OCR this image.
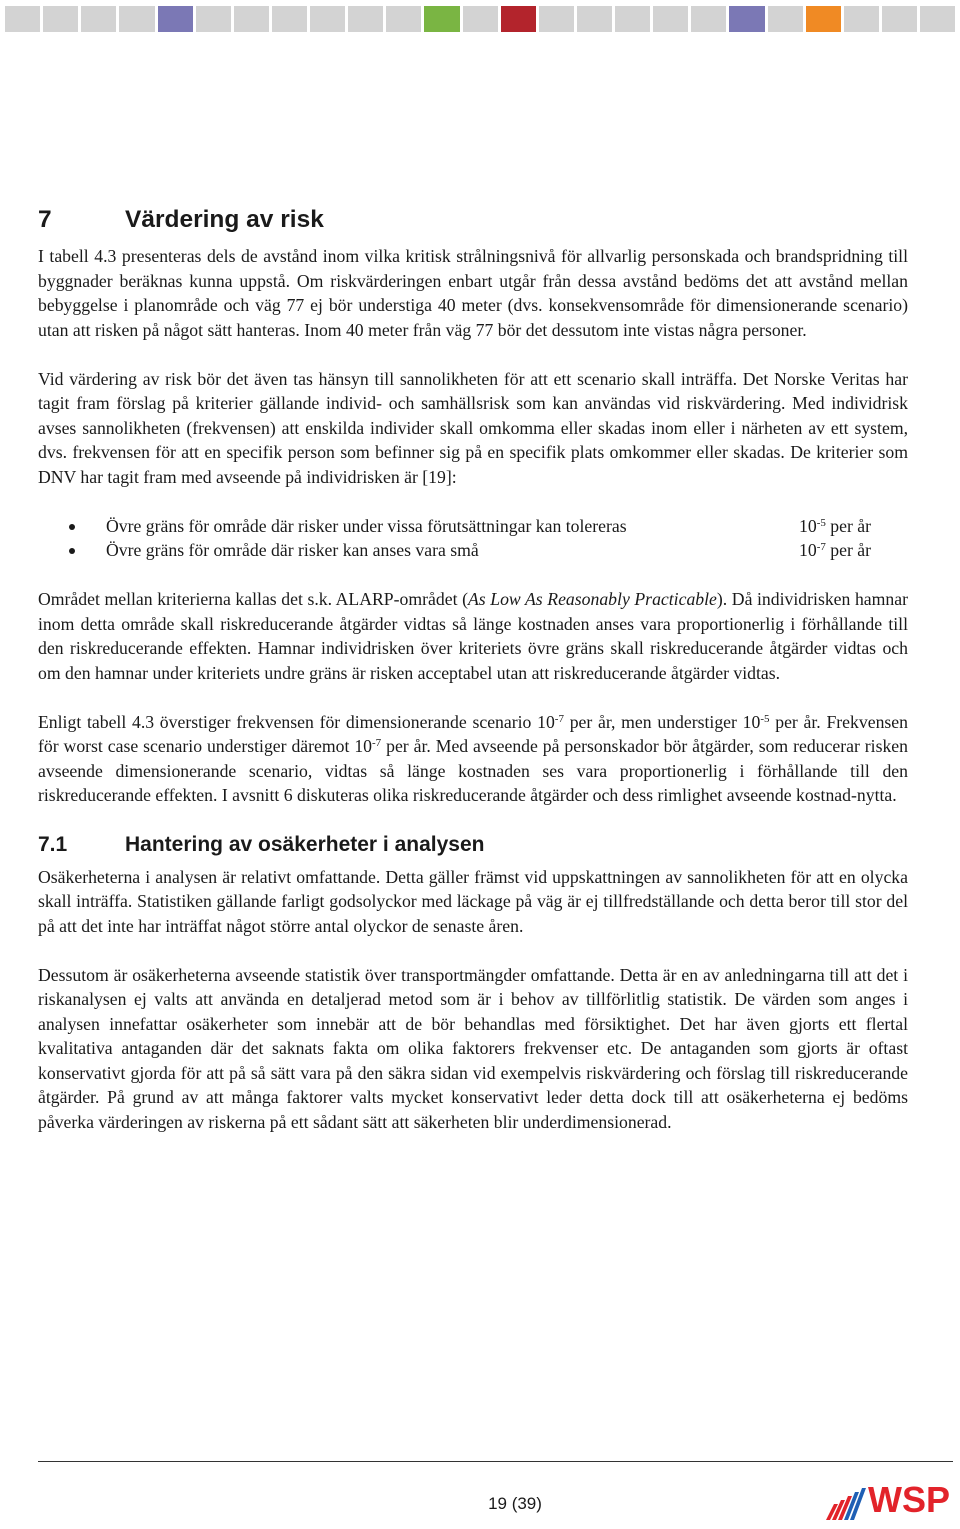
7	Värdering av risk

I tabell 4.3 presenteras dels de avstånd inom vilka kritisk strålningsnivå för allvarlig personskada och brandspridning till byggnader beräknas kunna uppstå. Om riskvärderingen enbart utgår från dessa avstånd bedöms det att avstånd mellan bebyggelse i planområde och väg 77 ej bör understiga 40 meter (dvs. konsekvensområde för dimensionerande scenario) utan att risken på något sätt hanteras. Inom 40 meter från väg 77 bör det dessutom inte vistas några personer.

Vid värdering av risk bör det även tas hänsyn till sannolikheten för att ett scenario skall inträffa. Det Norske Veritas har tagit fram förslag på kriterier gällande individ- och samhällsrisk som kan användas vid riskvärdering. Med individrisk avses sannolikheten (frekvensen) att enskilda individer skall omkomma eller skadas inom eller i närheten av ett system, dvs. frekvensen för att en specifik person som befinner sig på en specifik plats omkommer eller skadas. De kriterier som DNV har tagit fram med avseende på individrisken är [19]:

Övre gräns för område där risker under vissa förutsättningar kan tolereras	$10^{-5}$ per år
Övre gräns för område där risker kan anses vara små	$10^{-7}$ per år

Området mellan kriterierna kallas det s.k. ALARP-området (As Low As Reasonably Practicable). Då individrisken hamnar inom detta område skall riskreducerande åtgärder vidtas så länge kostnaden anses vara proportionerlig i förhållande till den riskreducerande effekten. Hamnar individrisken över kriteriets övre gräns skall riskreducerande åtgärder vidtas och om den hamnar under kriteriets undre gräns är risken acceptabel utan att riskreducerande åtgärder vidtas.

Enligt tabell 4.3 överstiger frekvensen för dimensionerande scenario $10^{-7}$ per år, men understiger $10^{-5}$ per år. Frekvensen för worst case scenario understiger däremot $10^{-7}$ per år. Med avseende på personskador bör åtgärder, som reducerar risken avseende dimensionerande scenario, vidtas så länge kostnaden ses vara proportionerlig i förhållande till den riskreducerande effekten. I avsnitt 6 diskuteras olika riskreducerande åtgärder och dess rimlighet avseende kostnad-nytta.

7.1	Hantering av osäkerheter i analysen

Osäkerheterna i analysen är relativt omfattande. Detta gäller främst vid uppskattningen av sannolikheten för att en olycka skall inträffa. Statistiken gällande farligt godsolyckor med läckage på väg är ej tillfredställande och detta beror till stor del på att det inte har inträffat något större antal olyckor de senaste åren.

Dessutom är osäkerheterna avseende statistik över transportmängder omfattande. Detta är en av anledningarna till att det i riskanalysen ej valts att använda en detaljerad metod som är i behov av tillförlitlig statistik. De värden som anges i analysen innefattar osäkerheter som innebär att de bör behandlas med försiktighet. Det har även gjorts ett flertal kvalitativa antaganden där det saknats fakta om olika faktorers frekvenser etc. De antaganden som gjorts är oftast konservativt gjorda för att på så sätt vara på den säkra sidan vid exempelvis riskvärdering och förslag till riskreducerande åtgärder. På grund av att många faktorer valts mycket konservativt leder detta dock till att osäkerheterna ej bedöms påverka värderingen av riskerna på ett sådant sätt att säkerheten blir underdimensionerad.

19 (39)	WSP
